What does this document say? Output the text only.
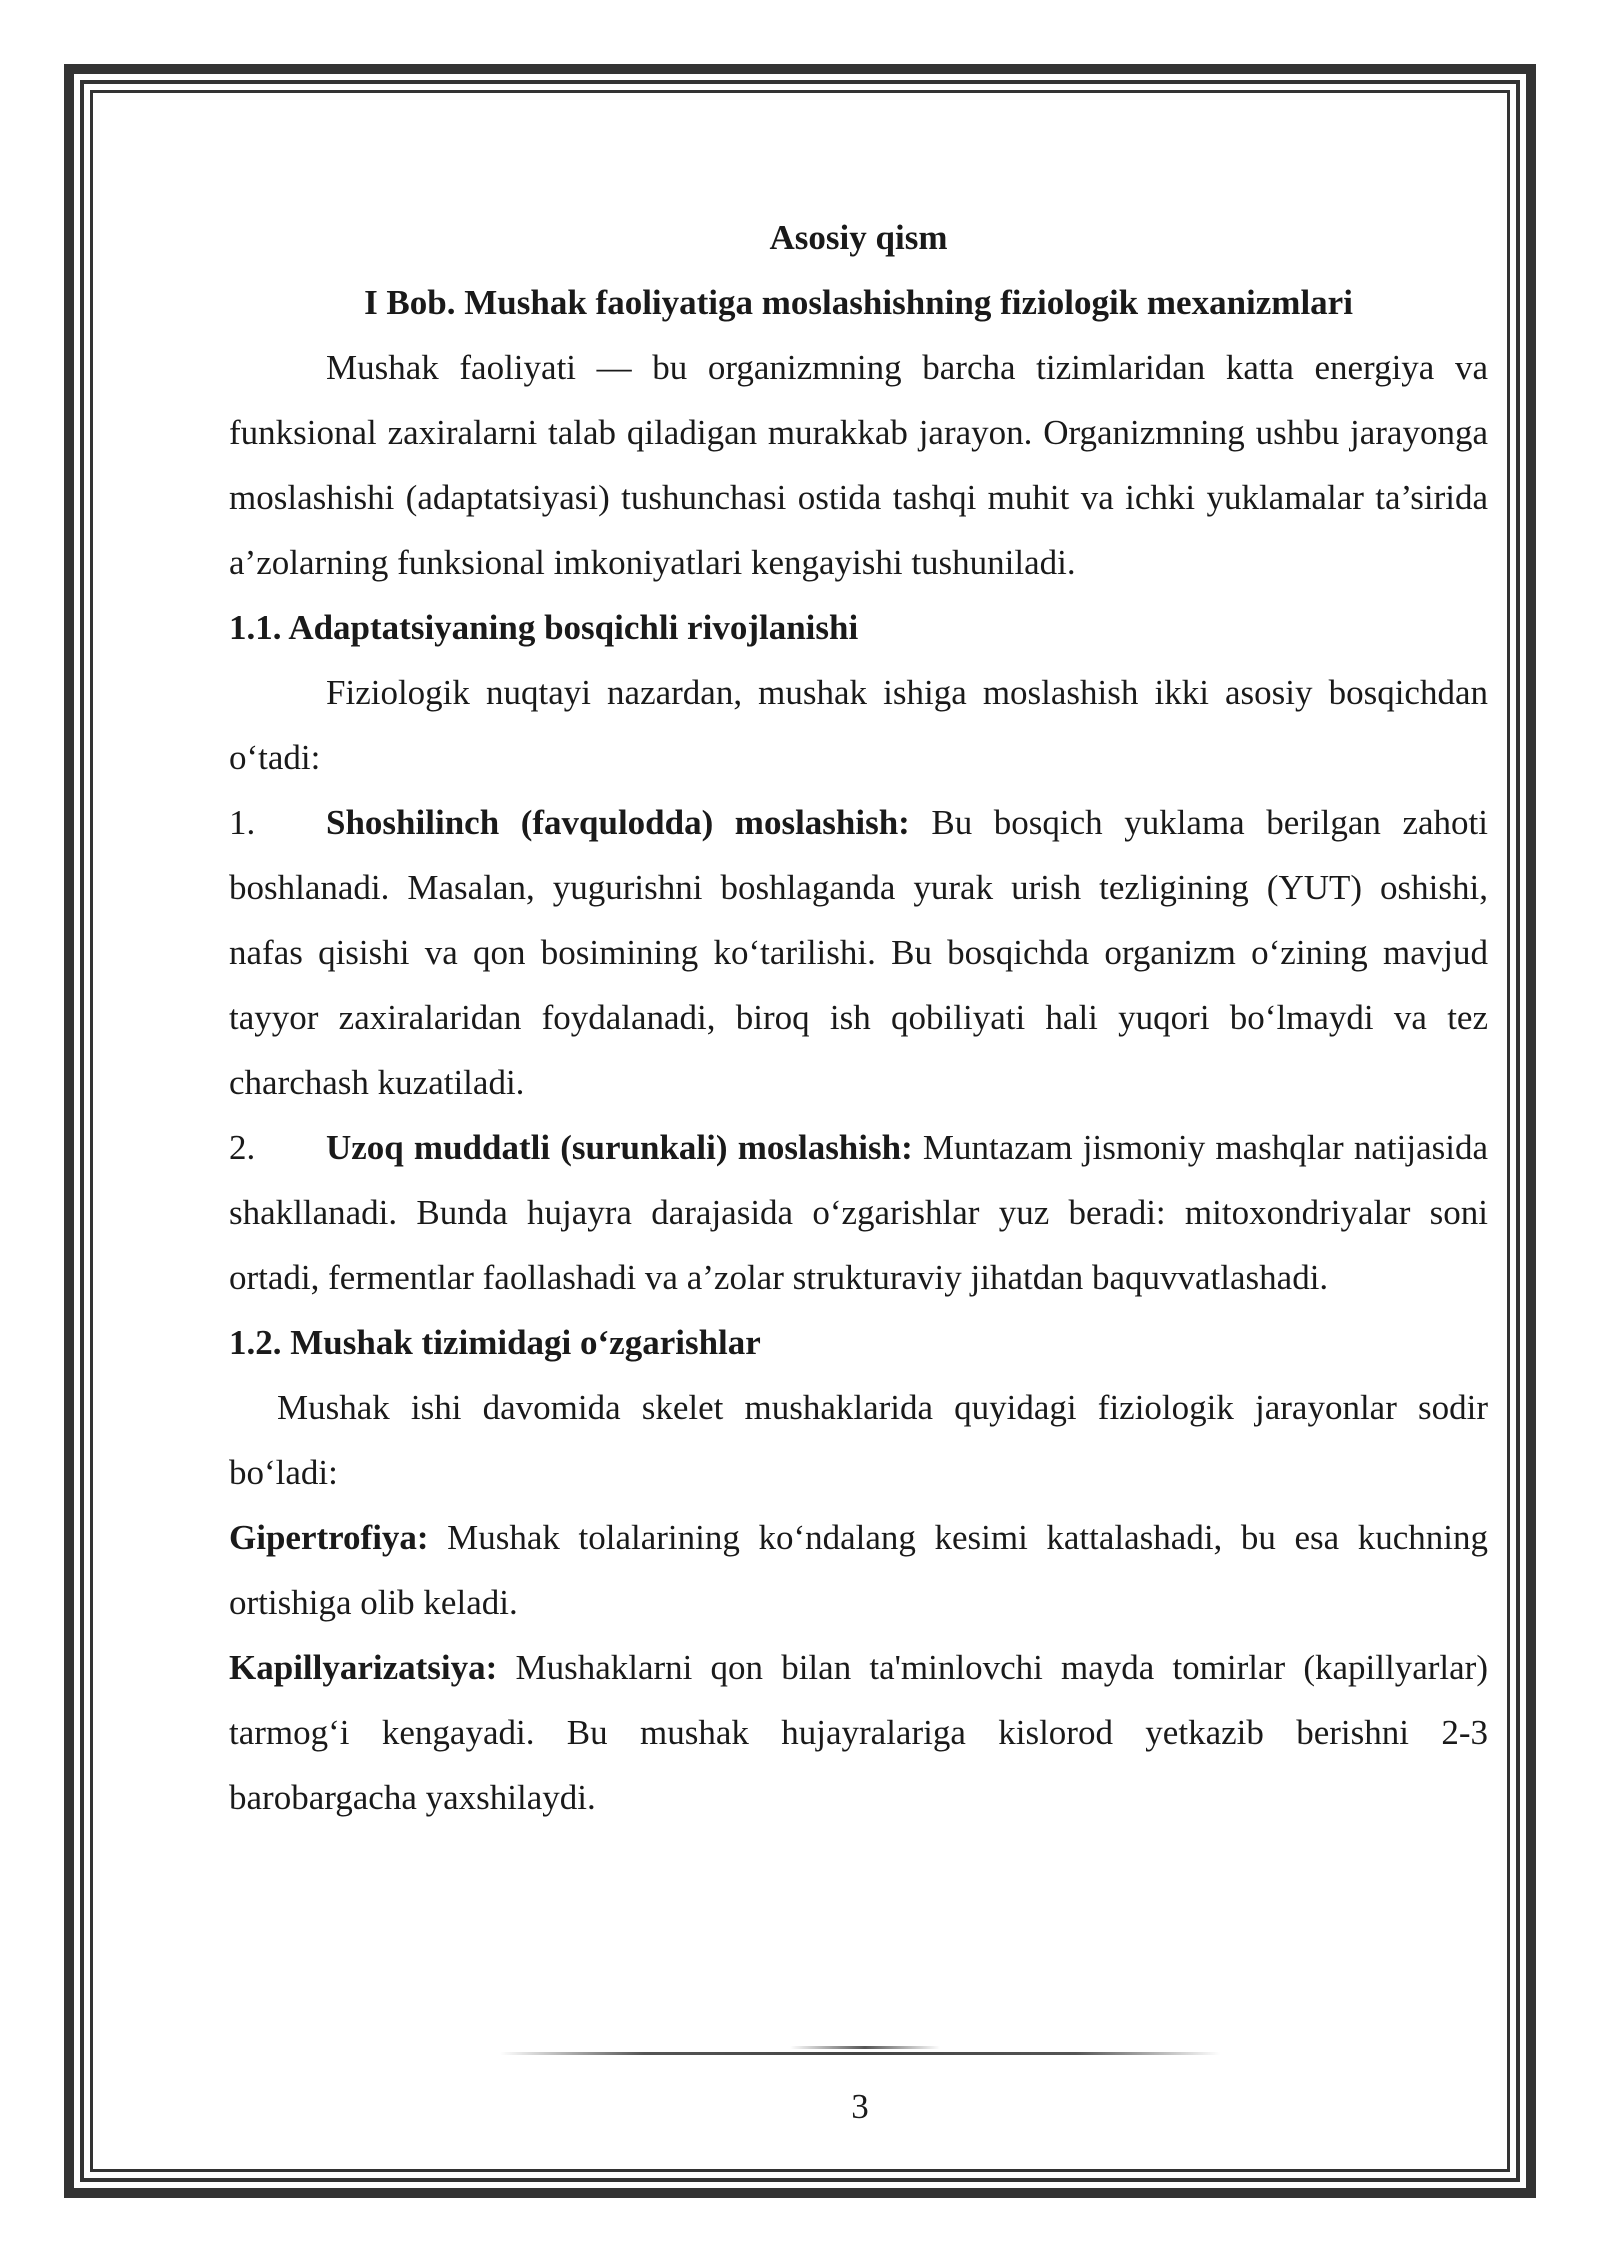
Asosiy qism

I Bob. Mushak faoliyatiga moslashishning fiziologik mexanizmlari

Mushak faoliyati — bu organizmning barcha tizimlaridan katta energiya va funksional zaxiralarni talab qiladigan murakkab jarayon. Organizmning ushbu jarayonga moslashishi (adaptatsiyasi) tushunchasi ostida tashqi muhit va ichki yuklamalar ta’sirida a’zolarning funksional imkoniyatlari kengayishi tushuniladi.

1.1. Adaptatsiyaning bosqichli rivojlanishi

Fiziologik nuqtayi nazardan, mushak ishiga moslashish ikki asosiy bosqichdan o‘tadi:

1. Shoshilinch (favqulodda) moslashish: Bu bosqich yuklama berilgan zahoti boshlanadi. Masalan, yugurishni boshlaganda yurak urish tezligining (YUT) oshishi, nafas qisishi va qon bosimining ko‘tarilishi. Bu bosqichda organizm o‘zining mavjud tayyor zaxiralaridan foydalanadi, biroq ish qobiliyati hali yuqori bo‘lmaydi va tez charchash kuzatiladi.

2. Uzoq muddatli (surunkali) moslashish: Muntazam jismoniy mashqlar natijasida shakllanadi. Bunda hujayra darajasida o‘zgarishlar yuz beradi: mitoxondriyalar soni ortadi, fermentlar faollashadi va a’zolar strukturaviy jihatdan baquvvatlashadi.

1.2. Mushak tizimidagi o‘zgarishlar

Mushak ishi davomida skelet mushaklarida quyidagi fiziologik jarayonlar sodir bo‘ladi:

Gipertrofiya: Mushak tolalarining ko‘ndalang kesimi kattalashadi, bu esa kuchning ortishiga olib keladi.

Kapillyarizatsiya: Mushaklarni qon bilan ta'minlovchi mayda tomirlar (kapillyarlar) tarmog‘i kengayadi. Bu mushak hujayralariga kislorod yetkazib berishni 2-3 barobargacha yaxshilaydi.

3
